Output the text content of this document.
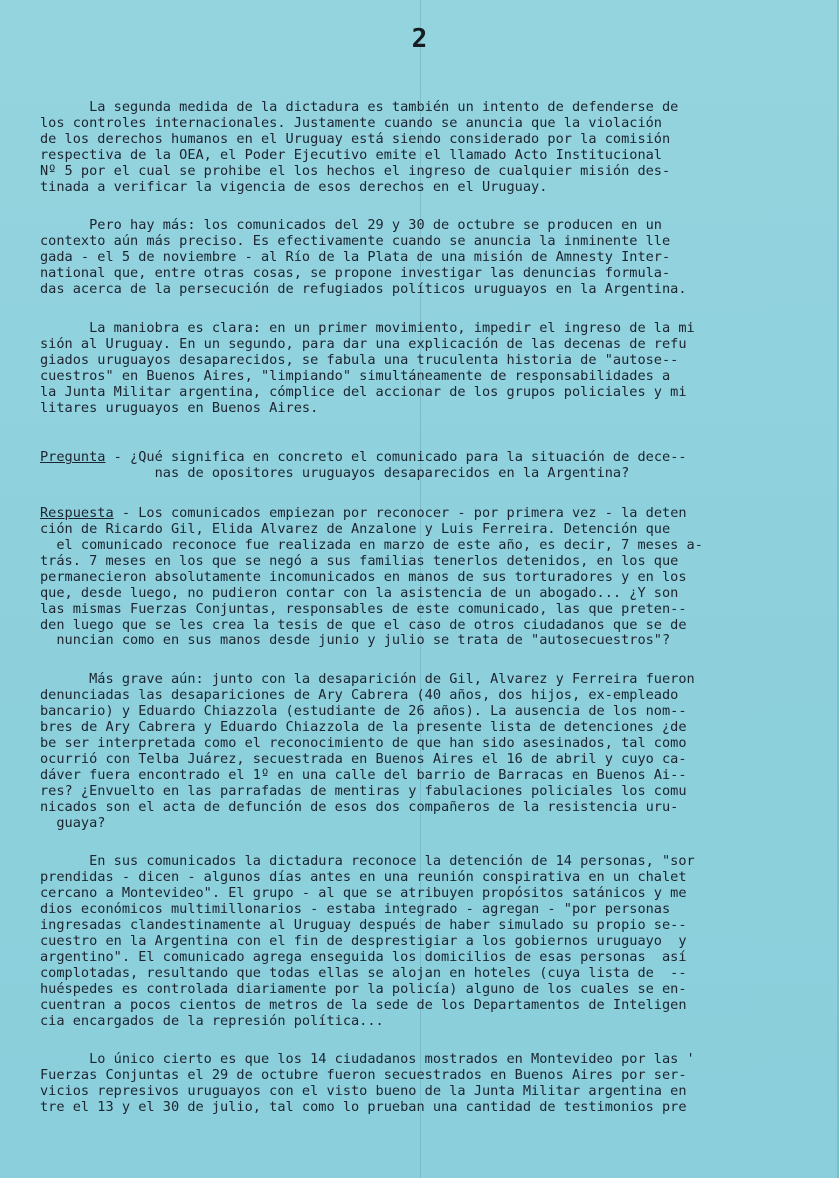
2

La segunda medida de la dictadura es también un intento de defenderse de
los controles internacionales. Justamente cuando se anuncia que la violación
de los derechos humanos en el Uruguay está siendo considerado por la comisión
respectiva de la OEA, el Poder Ejecutivo emite el llamado Acto Institucional
Nº 5 por el cual se prohibe el los hechos el ingreso de cualquier misión des-
tinada a verificar la vigencia de esos derechos en el Uruguay.

Pero hay más: los comunicados del 29 y 30 de octubre se producen en un
contexto aún más preciso. Es efectivamente cuando se anuncia la inminente lle
gada - el 5 de noviembre - al Río de la Plata de una misión de Amnesty Inter-
national que, entre otras cosas, se propone investigar las denuncias formula-
das acerca de la persecución de refugiados políticos uruguayos en la Argentina.

La maniobra es clara: en un primer movimiento, impedir el ingreso de la mi
sión al Uruguay. En un segundo, para dar una explicación de las decenas de refu
giados uruguayos desaparecidos, se fabula una truculenta historia de "autose--
cuestros" en Buenos Aires, "limpiando" simultáneamente de responsabilidades a
la Junta Militar argentina, cómplice del accionar de los grupos policiales y mi
litares uruguayos en Buenos Aires.

Pregunta - ¿Qué significa en concreto el comunicado para la situación de dece--
nas de opositores uruguayos desaparecidos en la Argentina?

Respuesta - Los comunicados empiezan por reconocer - por primera vez - la deten
ción de Ricardo Gil, Elida Alvarez de Anzalone y Luis Ferreira. Detención que
el comunicado reconoce fue realizada en marzo de este año, es decir, 7 meses a-
trás. 7 meses en los que se negó a sus familias tenerlos detenidos, en los que
permanecieron absolutamente incomunicados en manos de sus torturadores y en los
que, desde luego, no pudieron contar con la asistencia de un abogado... ¿Y son
las mismas Fuerzas Conjuntas, responsables de este comunicado, las que preten--
den luego que se les crea la tesis de que el caso de otros ciudadanos que se de
nuncian como en sus manos desde junio y julio se trata de "autosecuestros"?

Más grave aún: junto con la desaparición de Gil, Alvarez y Ferreira fueron
denunciadas las desapariciones de Ary Cabrera (40 años, dos hijos, ex-empleado
bancario) y Eduardo Chiazzola (estudiante de 26 años). La ausencia de los nom--
bres de Ary Cabrera y Eduardo Chiazzola de la presente lista de detenciones ¿de
be ser interpretada como el reconocimiento de que han sido asesinados, tal como
ocurrió con Telba Juárez, secuestrada en Buenos Aires el 16 de abril y cuyo ca-
dáver fuera encontrado el 1º en una calle del barrio de Barracas en Buenos Ai--
res? ¿Envuelto en las parrafadas de mentiras y fabulaciones policiales los comu
nicados son el acta de defunción de esos dos compañeros de la resistencia uru-
guaya?

En sus comunicados la dictadura reconoce la detención de 14 personas, "sor
prendidas - dicen - algunos días antes en una reunión conspirativa en un chalet
cercano a Montevideo". El grupo - al que se atribuyen propósitos satánicos y me
dios económicos multimillonarios - estaba integrado - agregan - "por personas
ingresadas clandestinamente al Uruguay después de haber simulado su propio se--
cuestro en la Argentina con el fin de desprestigiar a los gobiernos uruguayo  y
argentino". El comunicado agrega enseguida los domicilios de esas personas  así
complotadas, resultando que todas ellas se alojan en hoteles (cuya lista de  --
huéspedes es controlada diariamente por la policía) alguno de los cuales se en-
cuentran a pocos cientos de metros de la sede de los Departamentos de Inteligen
cia encargados de la represión política...

Lo único cierto es que los 14 ciudadanos mostrados en Montevideo por las '
Fuerzas Conjuntas el 29 de octubre fueron secuestrados en Buenos Aires por ser-
vicios represivos uruguayos con el visto bueno de la Junta Militar argentina en
tre el 13 y el 30 de julio, tal como lo prueban una cantidad de testimonios pre
